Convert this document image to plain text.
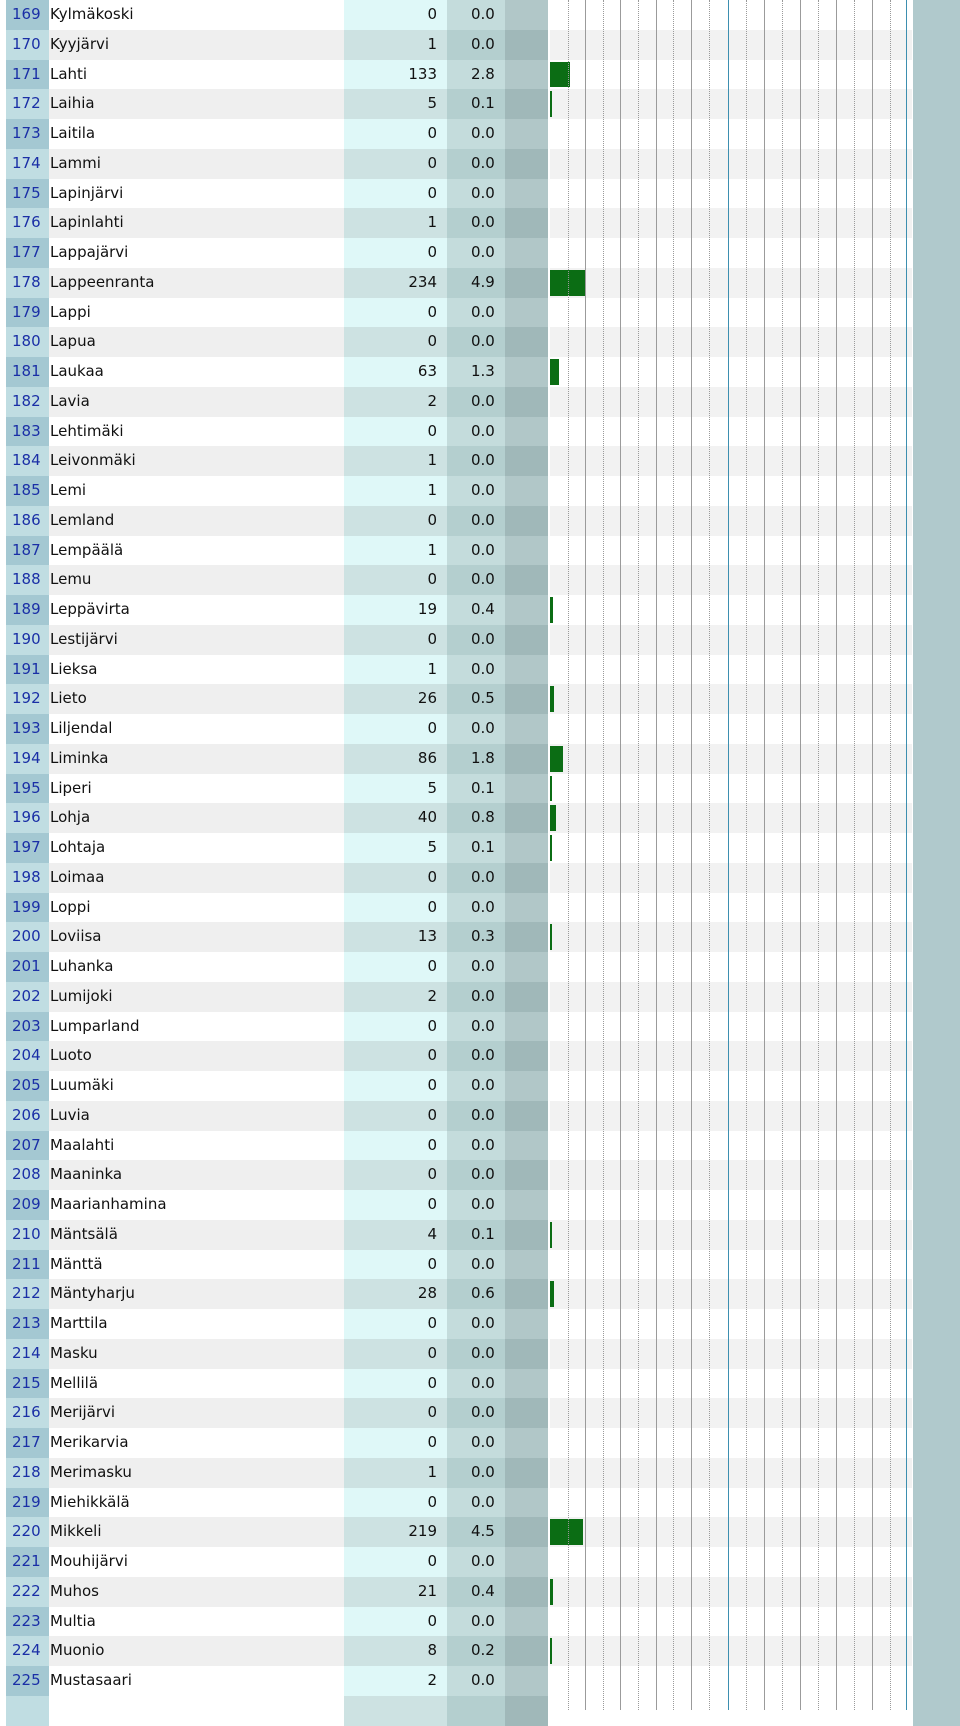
169 Kylmäkoski	0	0.0
170 Kyyjärvi	1	0.0
171 Lahti	133	2.8
172 Laihia	5	0.1
173 Laitila	0	0.0
174 Lammi	0	0.0
175 Lapinjärvi	0	0.0
176 Lapinlahti	1	0.0
177 Lappajärvi	0	0.0
178 Lappeenranta	234	4.9
179 Lappi	0	0.0
180 Lapua	0	0.0
181 Laukaa	63	1.3
182 Lavia	2	0.0
183 Lehtimäki	0	0.0
184 Leivonmäki	1	0.0
185 Lemi	1	0.0
186 Lemland	0	0.0
187 Lempäälä	1	0.0
188 Lemu	0	0.0
189 Leppävirta	19	0.4
190 Lestijärvi	0	0.0
191 Lieksa	1	0.0
192 Lieto	26	0.5
193 Liljendal	0	0.0
194 Liminka	86	1.8
195 Liperi	5	0.1
196 Lohja	40	0.8
197 Lohtaja	5	0.1
198 Loimaa	0	0.0
199 Loppi	0	0.0
200 Loviisa	13	0.3
201 Luhanka	0	0.0
202 Lumijoki	2	0.0
203 Lumparland	0	0.0
204 Luoto	0	0.0
205 Luumäki	0	0.0
206 Luvia	0	0.0
207 Maalahti	0	0.0
208 Maaninka	0	0.0
209 Maarianhamina	0	0.0
210 Mäntsälä	4	0.1
211 Mänttä	0	0.0
212 Mäntyharju	28	0.6
213 Marttila	0	0.0
214 Masku	0	0.0
215 Mellilä	0	0.0
216 Merijärvi	0	0.0
217 Merikarvia	0	0.0
218 Merimasku	1	0.0
219 Miehikkälä	0	0.0
220 Mikkeli	219	4.5
221 Mouhijärvi	0	0.0
222 Muhos	21	0.4
223 Multia	0	0.0
224 Muonio	8	0.2
225 Mustasaari	2	0.0
